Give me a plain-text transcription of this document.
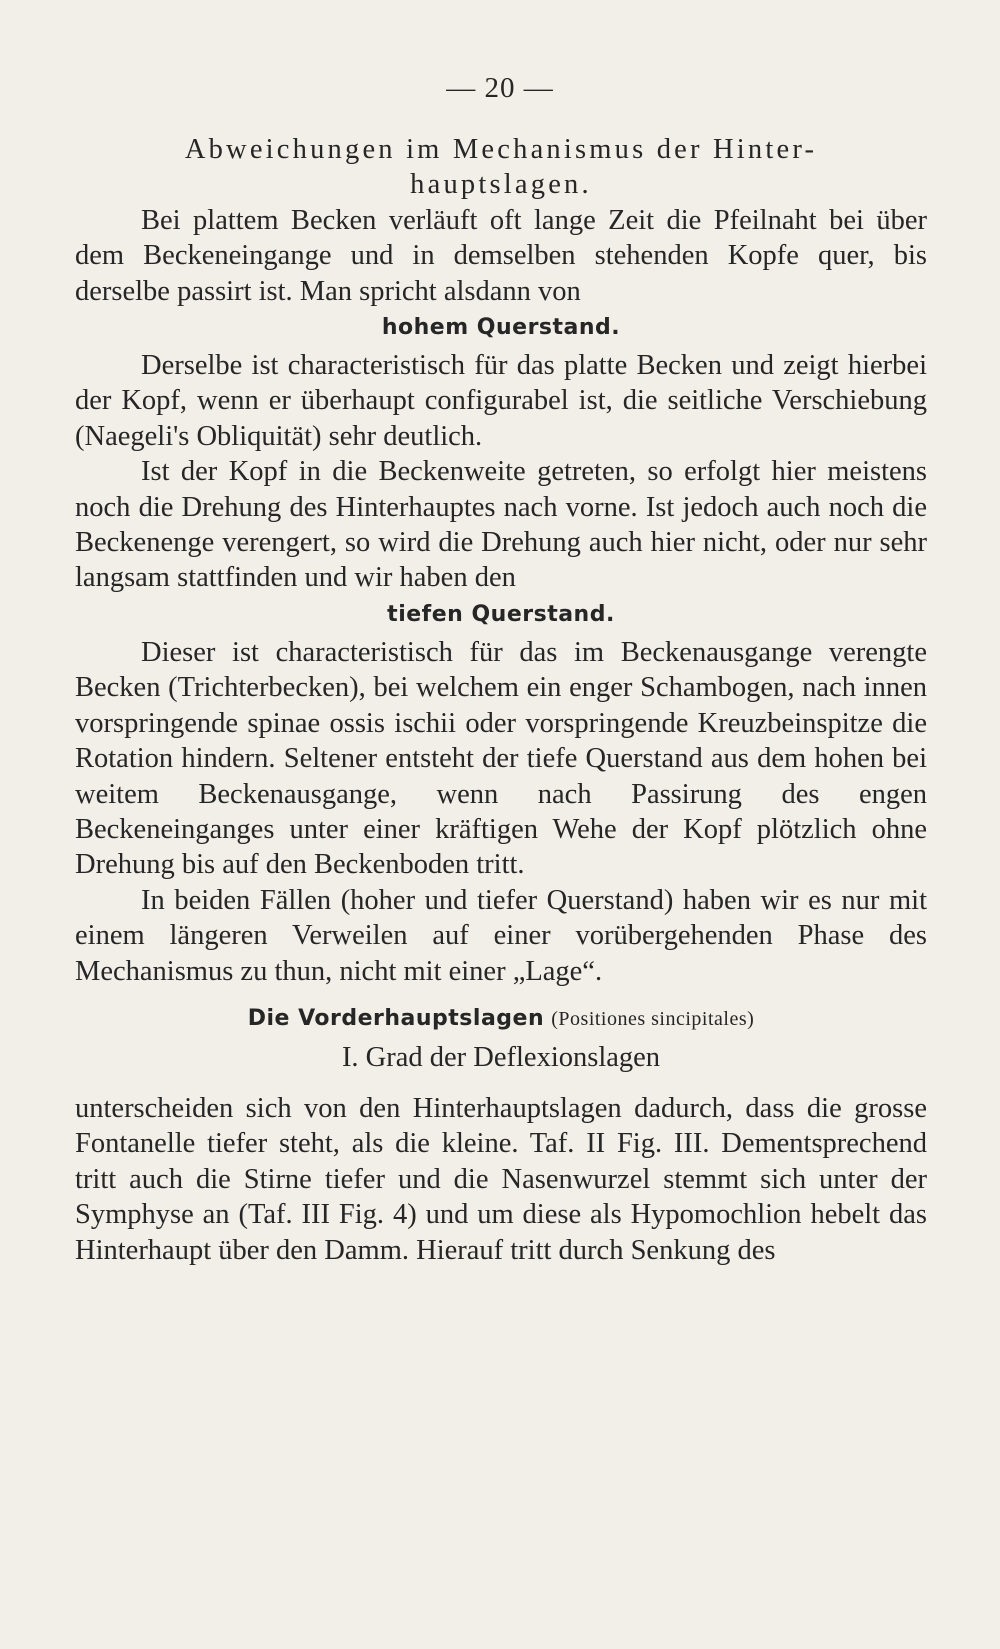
— 20 —
Abweichungen im Mechanismus der Hinter-
hauptslagen.

Bei plattem Becken verläuft oft lange Zeit die Pfeilnaht bei über dem Beckeneingange und in demselben stehenden Kopfe quer, bis derselbe passirt ist. Man spricht alsdann von

hohem Querstand.

Derselbe ist characteristisch für das platte Becken und zeigt hierbei der Kopf, wenn er überhaupt configurabel ist, die seitliche Verschiebung (Naegeli's Obliquität) sehr deutlich.

Ist der Kopf in die Beckenweite getreten, so erfolgt hier meistens noch die Drehung des Hinterhauptes nach vorne. Ist jedoch auch noch die Beckenenge verengert, so wird die Drehung auch hier nicht, oder nur sehr langsam stattfinden und wir haben den

tiefen Querstand.

Dieser ist characteristisch für das im Beckenausgange verengte Becken (Trichterbecken), bei welchem ein enger Schambogen, nach innen vorspringende spinae ossis ischii oder vorspringende Kreuzbeinspitze die Rotation hindern. Seltener entsteht der tiefe Querstand aus dem hohen bei weitem Beckenausgange, wenn nach Passirung des engen Beckeneinganges unter einer kräftigen Wehe der Kopf plötzlich ohne Drehung bis auf den Beckenboden tritt.

In beiden Fällen (hoher und tiefer Querstand) haben wir es nur mit einem längeren Verweilen auf einer vorübergehenden Phase des Mechanismus zu thun, nicht mit einer „Lage“.

Die Vorderhauptslagen (Positiones sincipitales)
I. Grad der Deflexionslagen

unterscheiden sich von den Hinterhauptslagen dadurch, dass die grosse Fontanelle tiefer steht, als die kleine. Taf. II Fig. III. Dementsprechend tritt auch die Stirne tiefer und die Nasenwurzel stemmt sich unter der Symphyse an (Taf. III Fig. 4) und um diese als Hypomochlion hebelt das Hinterhaupt über den Damm. Hierauf tritt durch Senkung des
